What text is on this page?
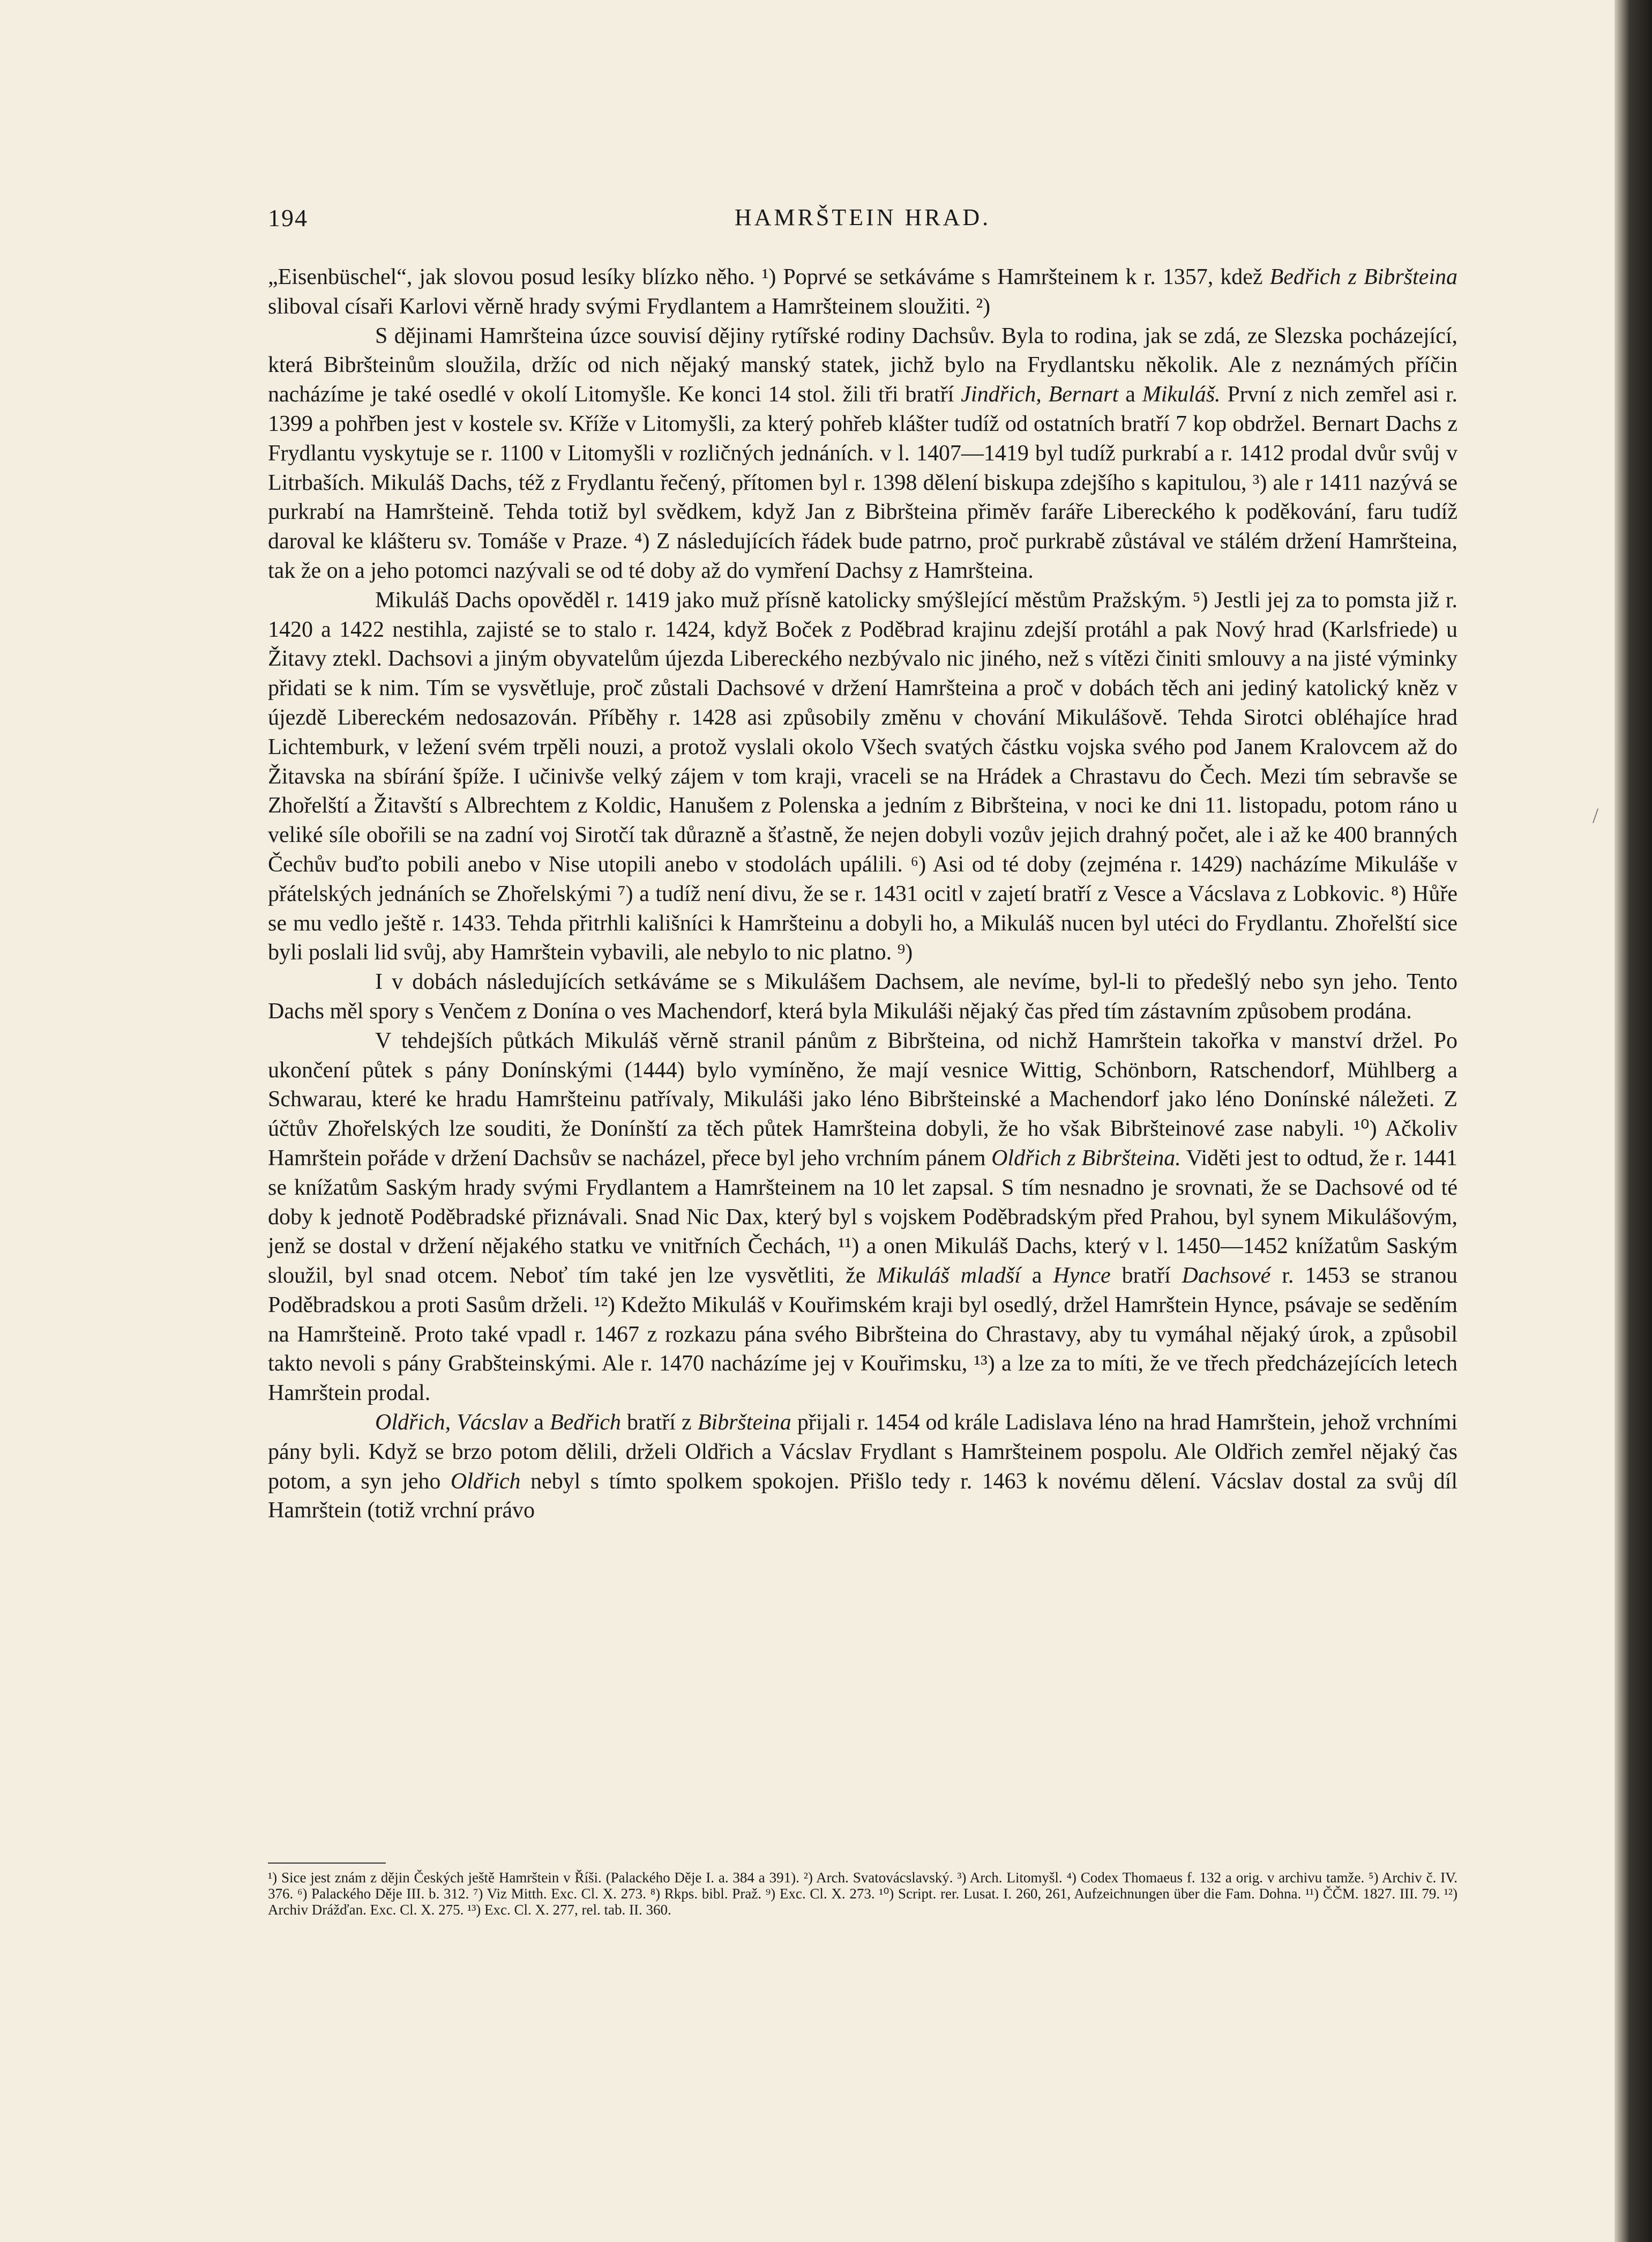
194	HAMRŠTEIN HRAD.

„Eisenbüschel“, jak slovou posud lesíky blízko něho. ¹) Poprvé se setkáváme s Hamršteinem k r. 1357, kdež Bedřich z Bibršteina sliboval císaři Karlovi věrně hrady svými Frydlantem a Hamršteinem sloužiti. ²)

S dějinami Hamršteina úzce souvisí dějiny rytířské rodiny Dachsův. Byla to rodina, jak se zdá, ze Slezska pocházející, která Bibršteinům sloužila, držíc od nich nějaký manský statek, jichž bylo na Frydlantsku několik. Ale z neznámých příčin nacházíme je také osedlé v okolí Litomyšle. Ke konci 14 stol. žili tři bratří Jindřich, Bernart a Mikuláš. První z nich zemřel asi r. 1399 a pohřben jest v kostele sv. Kříže v Litomyšli, za který pohřeb klášter tudíž od ostatních bratří 7 kop obdržel. Bernart Dachs z Frydlantu vyskytuje se r. 1100 v Litomyšli v rozličných jednáních. v l. 1407—1419 byl tudíž purkrabí a r. 1412 prodal dvůr svůj v Litrbaších. Mikuláš Dachs, též z Frydlantu řečený, přítomen byl r. 1398 dělení biskupa zdejšího s kapitulou, ³) ale r 1411 nazývá se purkrabí na Hamršteině. Tehda totiž byl svědkem, když Jan z Bibršteina přiměv faráře Libereckého k poděkování, faru tudíž daroval ke klášteru sv. Tomáše v Praze. ⁴) Z následujících řádek bude patrno, proč purkrabě zůstával ve stálém držení Hamršteina, tak že on a jeho potomci nazývali se od té doby až do vymření Dachsy z Hamršteina.

Mikuláš Dachs opověděl r. 1419 jako muž přísně katolicky smýšlející městům Pražským. ⁵) Jestli jej za to pomsta již r. 1420 a 1422 nestihla, zajisté se to stalo r. 1424, když Boček z Poděbrad krajinu zdejší protáhl a pak Nový hrad (Karlsfriede) u Žitavy ztekl. Dachsovi a jiným obyvatelům újezda Libereckého nezbývalo nic jiného, než s vítězi činiti smlouvy a na jisté výminky přidati se k nim. Tím se vysvětluje, proč zůstali Dachsové v držení Hamršteina a proč v dobách těch ani jediný katolický kněz v újezdě Libereckém nedosazován. Příběhy r. 1428 asi způsobily změnu v chování Mikulášově. Tehda Sirotci obléhajíce hrad Lichtemburk, v ležení svém trpěli nouzi, a protož vyslali okolo Všech svatých částku vojska svého pod Janem Kralovcem až do Žitavska na sbírání špíže. I učinivše velký zájem v tom kraji, vraceli se na Hrádek a Chrastavu do Čech. Mezi tím sebravše se Zhořelští a Žitavští s Albrechtem z Koldic, Hanušem z Polenska a jedním z Bibršteina, v noci ke dni 11. listopadu, potom ráno u veliké síle obořili se na zadní voj Sirotčí tak důrazně a šťastně, že nejen dobyli vozův jejich drahný počet, ale i až ke 400 branných Čechův buďto pobili anebo v Nise utopili anebo v stodolách upálili. ⁶) Asi od té doby (zejména r. 1429) nacházíme Mikuláše v přátelských jednáních se Zhořelskými ⁷) a tudíž není divu, že se r. 1431 ocitl v zajetí bratří z Vesce a Vácslava z Lobkovic. ⁸) Hůře se mu vedlo ještě r. 1433. Tehda přitrhli kališníci k Hamršteinu a dobyli ho, a Mikuláš nucen byl utéci do Frydlantu. Zhořelští sice byli poslali lid svůj, aby Hamrštein vybavili, ale nebylo to nic platno. ⁹)

I v dobách následujících setkáváme se s Mikulášem Dachsem, ale nevíme, byl-li to předešlý nebo syn jeho. Tento Dachs měl spory s Venčem z Donína o ves Machendorf, která byla Mikuláši nějaký čas před tím zástavním způsobem prodána.

V tehdejších půtkách Mikuláš věrně stranil pánům z Bibršteina, od nichž Hamrštein takořka v manství držel. Po ukončení půtek s pány Donínskými (1444) bylo vymíněno, že mají vesnice Wittig, Schönborn, Ratschendorf, Mühlberg a Schwarau, které ke hradu Hamršteinu patřívaly, Mikuláši jako léno Bibršteinské a Machendorf jako léno Donínské náležeti. Z účtův Zhořelských lze souditi, že Donínští za těch půtek Hamršteina dobyli, že ho však Bibršteinové zase nabyli. ¹⁰) Ačkoliv Hamrštein pořáde v držení Dachsův se nacházel, přece byl jeho vrchním pánem Oldřich z Bibršteina. Viděti jest to odtud, že r. 1441 se knížatům Saským hrady svými Frydlantem a Hamršteinem na 10 let zapsal. S tím nesnadno je srovnati, že se Dachsové od té doby k jednotě Poděbradské přiznávali. Snad Nic Dax, který byl s vojskem Poděbradským před Prahou, byl synem Mikulášovým, jenž se dostal v držení nějakého statku ve vnitřních Čechách, ¹¹) a onen Mikuláš Dachs, který v l. 1450—1452 knížatům Saským sloužil, byl snad otcem. Neboť tím také jen lze vysvětliti, že Mikuláš mladší a Hynce bratří Dachsové r. 1453 se stranou Poděbradskou a proti Sasům drželi. ¹²) Kdežto Mikuláš v Kouřimském kraji byl osedlý, držel Hamrštein Hynce, psávaje se seděním na Hamršteině. Proto také vpadl r. 1467 z rozkazu pána svého Bibršteina do Chrastavy, aby tu vymáhal nějaký úrok, a způsobil takto nevoli s pány Grabšteinskými. Ale r. 1470 nacházíme jej v Kouřimsku, ¹³) a lze za to míti, že ve třech předcházejících letech Hamrštein prodal.

Oldřich, Vácslav a Bedřich bratří z Bibršteina přijali r. 1454 od krále Ladislava léno na hrad Hamrštein, jehož vrchními pány byli. Když se brzo potom dělili, drželi Oldřich a Vácslav Frydlant s Hamršteinem pospolu. Ale Oldřich zemřel nějaký čas potom, a syn jeho Oldřich nebyl s tímto spolkem spokojen. Přišlo tedy r. 1463 k novému dělení. Vácslav dostal za svůj díl Hamrštein (totiž vrchní právo

¹) Sice jest znám z dějin Českých ještě Hamrštein v Říši. (Palackého Děje I. a. 384 a 391). ²) Arch. Svatovácslavský. ³) Arch. Litomyšl. ⁴) Codex Thomaeus f. 132 a orig. v archivu tamže. ⁵) Archiv č. IV. 376. ⁶) Palackého Děje III. b. 312. ⁷) Viz Mitth. Exc. Cl. X. 273. ⁸) Rkps. bibl. Praž. ⁹) Exc. Cl. X. 273. ¹⁰) Script. rer. Lusat. I. 260, 261, Aufzeichnungen über die Fam. Dohna. ¹¹) ČČM. 1827. III. 79. ¹²) Archiv Drážďan. Exc. Cl. X. 275. ¹³) Exc. Cl. X. 277, rel. tab. II. 360.
/
